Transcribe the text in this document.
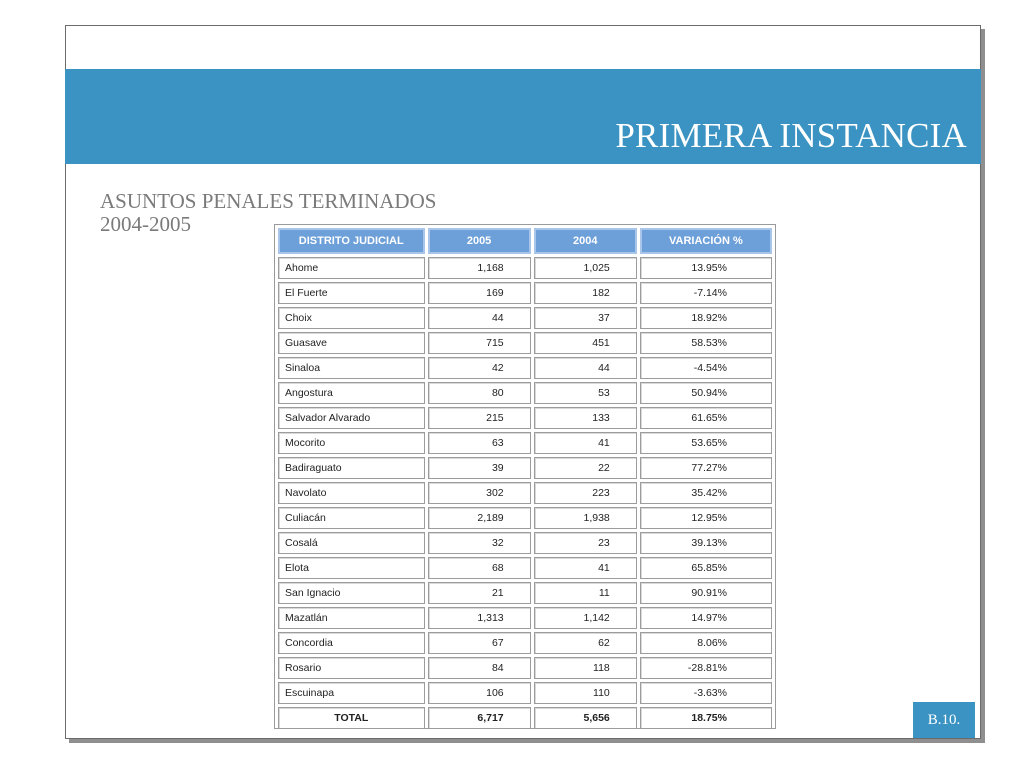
PRIMERA INSTANCIA
ASUNTOS PENALES TERMINADOS
2004-2005
DISTRITO JUDICIAL	2005	2004	VARIACIÓN %
Ahome	1,168	1,025	13.95%
El Fuerte	169	182	-7.14%
Choix	44	37	18.92%
Guasave	715	451	58.53%
Sinaloa	42	44	-4.54%
Angostura	80	53	50.94%
Salvador Alvarado	215	133	61.65%
Mocorito	63	41	53.65%
Badiraguato	39	22	77.27%
Navolato	302	223	35.42%
Culiacán	2,189	1,938	12.95%
Cosalá	32	23	39.13%
Elota	68	41	65.85%
San Ignacio	21	11	90.91%
Mazatlán	1,313	1,142	14.97%
Concordia	67	62	8.06%
Rosario	84	118	-28.81%
Escuinapa	106	110	-3.63%
TOTAL	6,717	5,656	18.75%	B.10.
